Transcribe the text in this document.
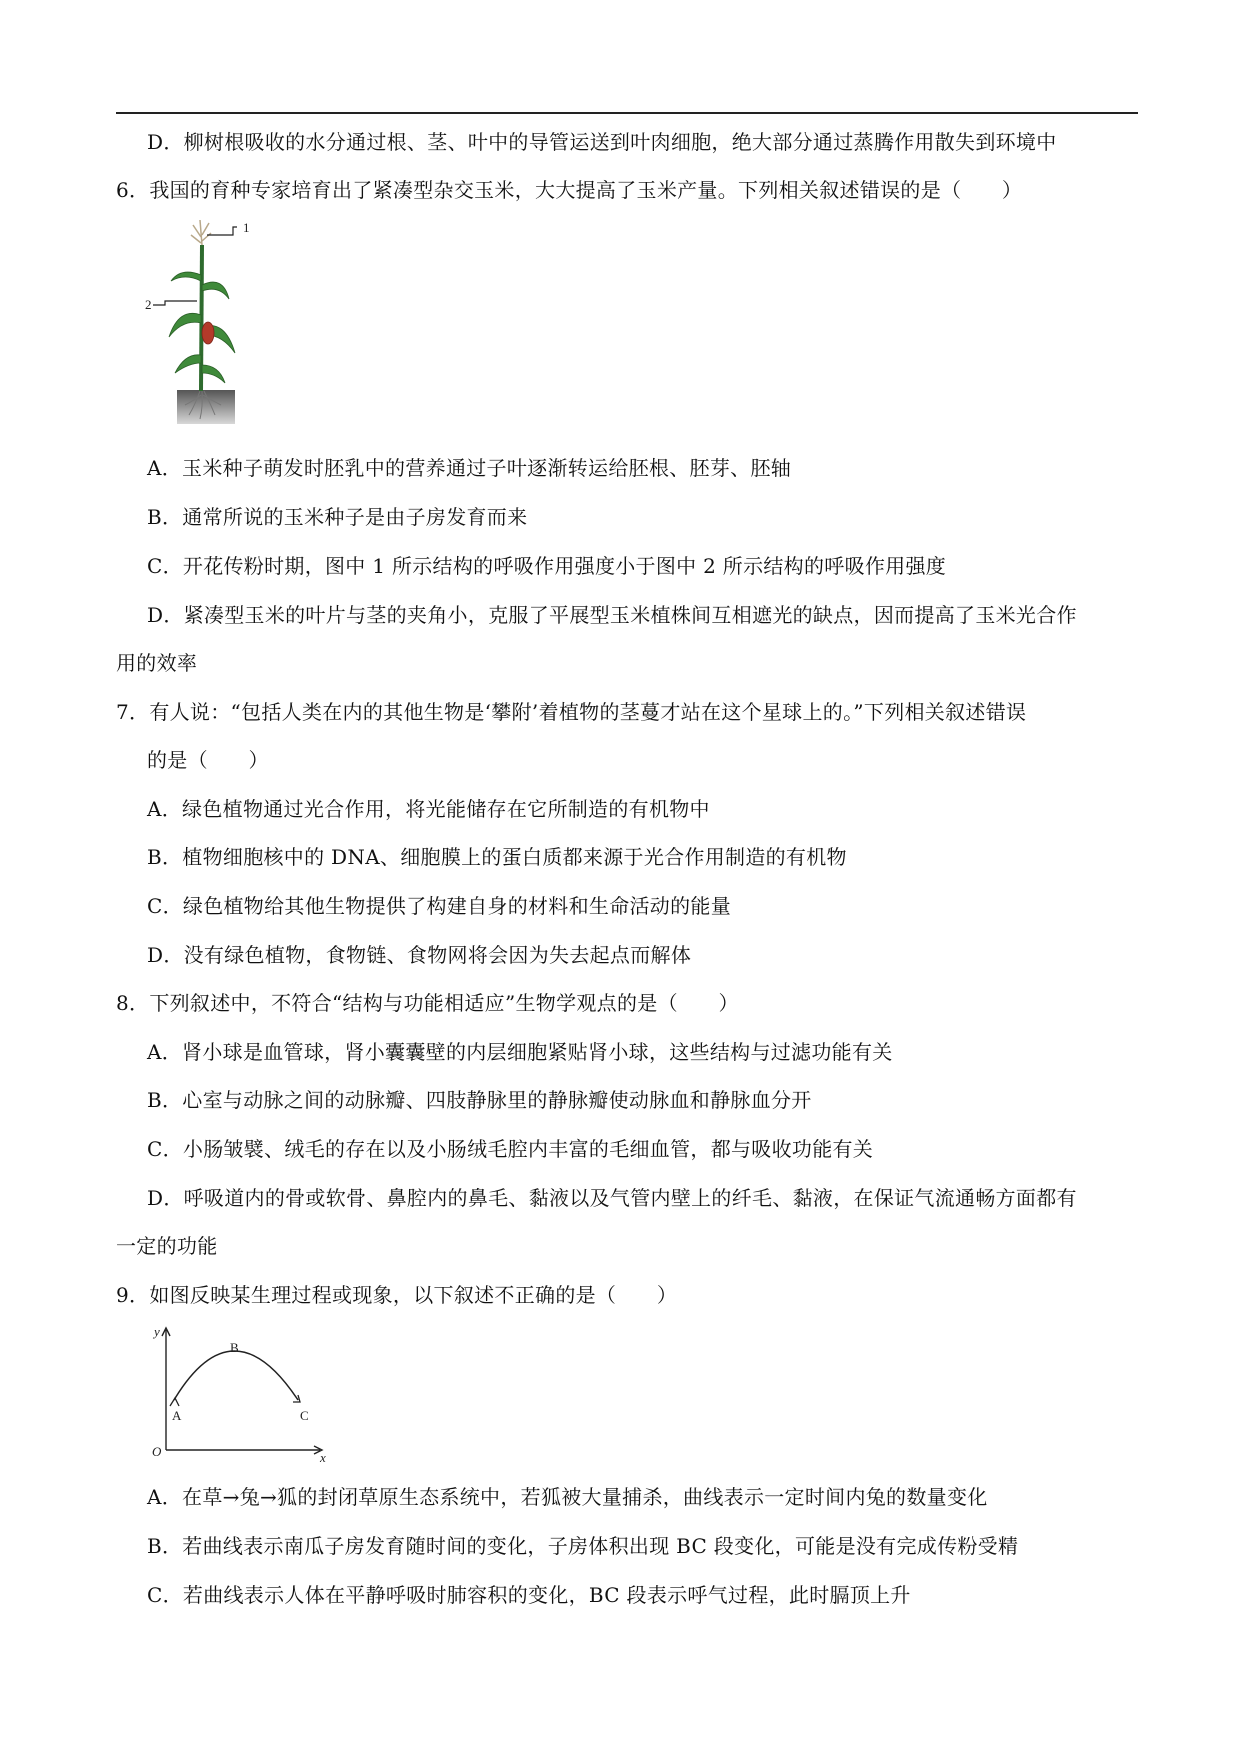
D．柳树根吸收的水分通过根、茎、叶中的导管运送到叶肉细胞，绝大部分通过蒸腾作用散失到环境中
6．我国的育种专家培育出了紧凑型杂交玉米，大大提高了玉米产量。下列相关叙述错误的是（　　）
1
2
A．玉米种子萌发时胚乳中的营养通过子叶逐渐转运给胚根、胚芽、胚轴
B．通常所说的玉米种子是由子房发育而来
C．开花传粉时期，图中 1 所示结构的呼吸作用强度小于图中 2 所示结构的呼吸作用强度
D．紧凑型玉米的叶片与茎的夹角小，克服了平展型玉米植株间互相遮光的缺点，因而提高了玉米光合作
用的效率
7．有人说：“包括人类在内的其他生物是‘攀附’着植物的茎蔓才站在这个星球上的。”下列相关叙述错误
的是（　　）
A．绿色植物通过光合作用，将光能储存在它所制造的有机物中
B．植物细胞核中的 DNA、细胞膜上的蛋白质都来源于光合作用制造的有机物
C．绿色植物给其他生物提供了构建自身的材料和生命活动的能量
D．没有绿色植物，食物链、食物网将会因为失去起点而解体
8．下列叙述中，不符合“结构与功能相适应”生物学观点的是（　　）
A．肾小球是血管球，肾小囊囊壁的内层细胞紧贴肾小球，这些结构与过滤功能有关
B．心室与动脉之间的动脉瓣、四肢静脉里的静脉瓣使动脉血和静脉血分开
C．小肠皱襞、绒毛的存在以及小肠绒毛腔内丰富的毛细血管，都与吸收功能有关
D．呼吸道内的骨或软骨、鼻腔内的鼻毛、黏液以及气管内壁上的纤毛、黏液，在保证气流通畅方面都有
一定的功能
9．如图反映某生理过程或现象，以下叙述不正确的是（　　）
y
x
O
A
B
C
A．在草→兔→狐的封闭草原生态系统中，若狐被大量捕杀，曲线表示一定时间内兔的数量变化
B．若曲线表示南瓜子房发育随时间的变化，子房体积出现 BC 段变化，可能是没有完成传粉受精
C．若曲线表示人体在平静呼吸时肺容积的变化，BC 段表示呼气过程，此时膈顶上升
